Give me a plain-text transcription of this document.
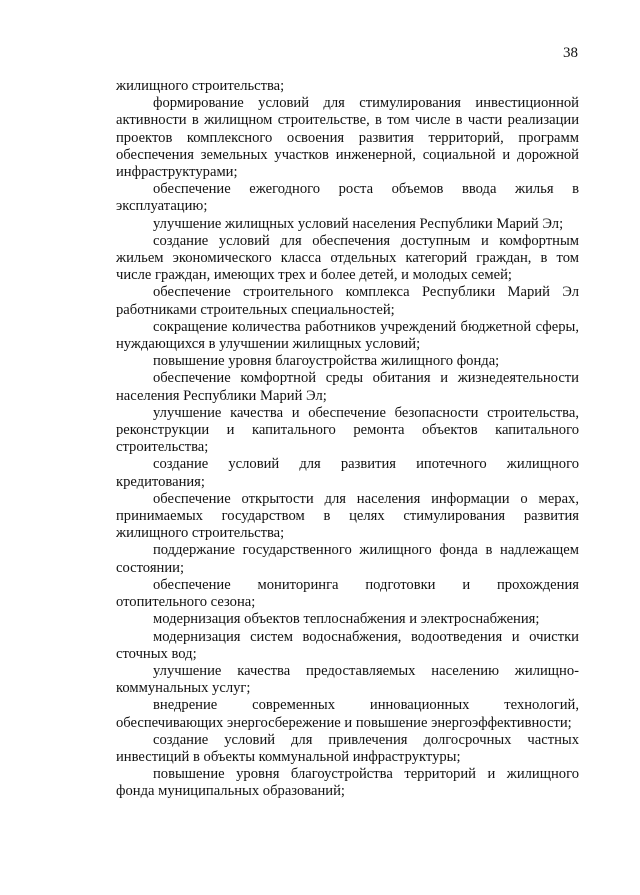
38

жилищного строительства;

формирование условий для стимулирования инвестиционной активности в жилищном строительстве, в том числе в части реализации проектов комплексного освоения развития территорий, программ обеспечения земельных участков инженерной, социальной и дорожной инфраструктурами;

обеспечение ежегодного роста объемов ввода жилья в эксплуатацию;

улучшение жилищных условий населения Республики Марий Эл;

создание условий для обеспечения доступным и комфортным жильем экономического класса отдельных категорий граждан, в том числе граждан, имеющих трех и более детей, и молодых семей;

обеспечение строительного комплекса Республики Марий Эл работниками строительных специальностей;

сокращение количества работников учреждений бюджетной сферы, нуждающихся в улучшении жилищных условий;

повышение уровня благоустройства жилищного фонда;

обеспечение комфортной среды обитания и жизнедеятельности населения Республики Марий Эл;

улучшение качества и обеспечение безопасности строительства, реконструкции и капитального ремонта объектов капитального строительства;

создание условий для развития ипотечного жилищного кредитования;

обеспечение открытости для населения информации о мерах, принимаемых государством в целях стимулирования развития жилищного строительства;

поддержание государственного жилищного фонда в надлежащем состоянии;

обеспечение мониторинга подготовки и прохождения отопительного сезона;

модернизация объектов теплоснабжения и электроснабжения;

модернизация систем водоснабжения, водоотведения и очистки сточных вод;

улучшение качества предоставляемых населению жилищно-коммунальных услуг;

внедрение современных инновационных технологий, обеспечивающих энергосбережение и повышение энергоэффективности;

создание условий для привлечения долгосрочных частных инвестиций в объекты коммунальной инфраструктуры;

повышение уровня благоустройства территорий и жилищного фонда муниципальных образований;
